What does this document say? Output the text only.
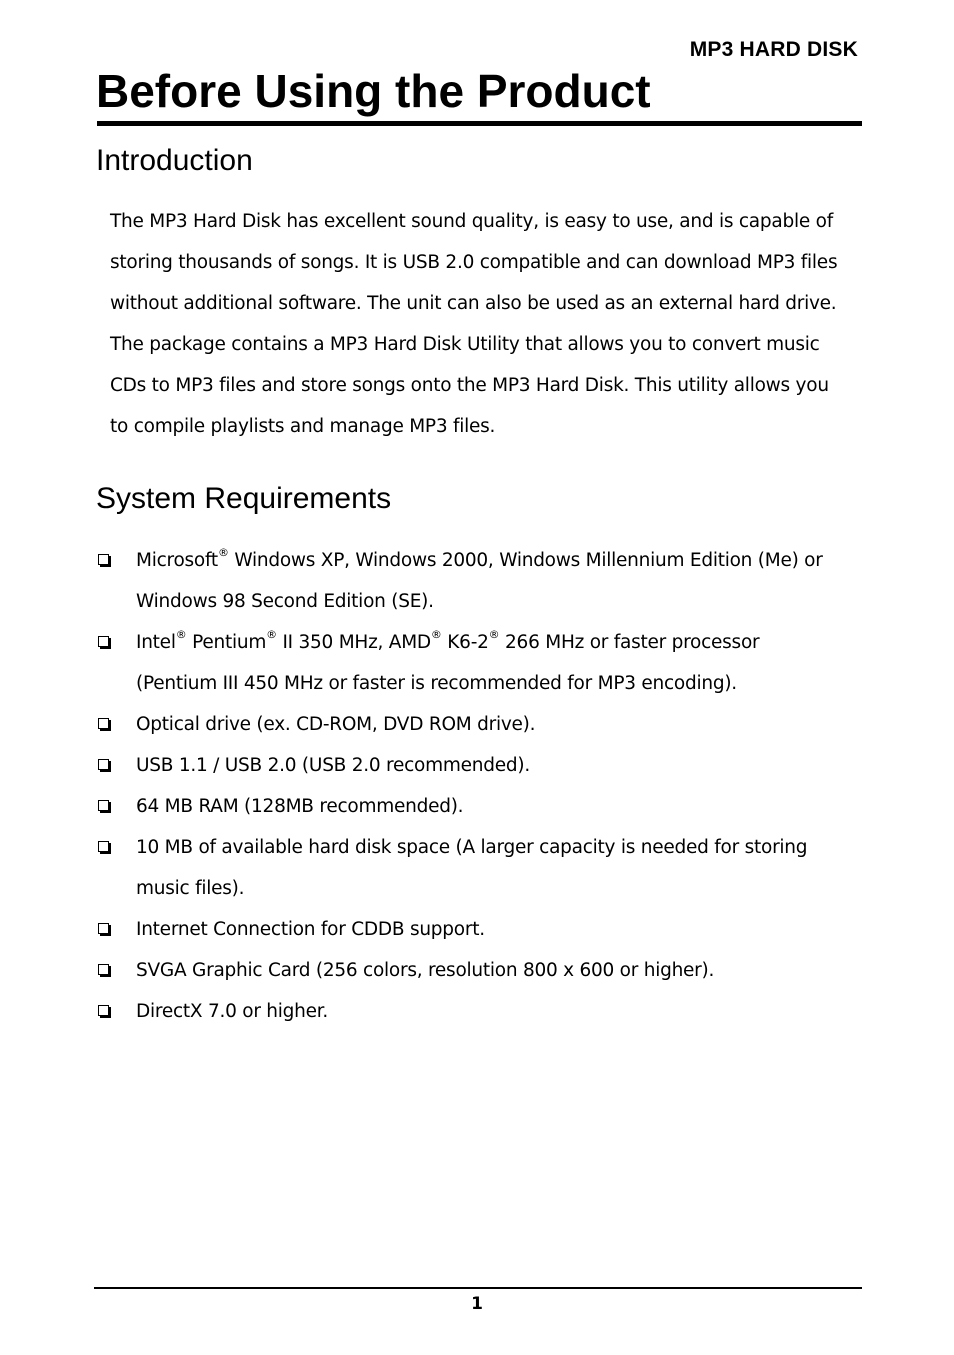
MP3 HARD DISK
Before Using the Product
Introduction
The MP3 Hard Disk has excellent sound quality, is easy to use, and is capable of
storing thousands of songs. It is USB 2.0 compatible and can download MP3 files
without additional software. The unit can also be used as an external hard drive.
The package contains a MP3 Hard Disk Utility that allows you to convert music
CDs to MP3 files and store songs onto the MP3 Hard Disk. This utility allows you
to compile playlists and manage MP3 files.
System Requirements
Microsoft® Windows XP, Windows 2000, Windows Millennium Edition (Me) or
Windows 98 Second Edition (SE).
Intel® Pentium® II 350 MHz, AMD® K6-2® 266 MHz or faster processor
(Pentium III 450 MHz or faster is recommended for MP3 encoding).
Optical drive (ex. CD-ROM, DVD ROM drive).
USB 1.1 / USB 2.0 (USB 2.0 recommended).
64 MB RAM (128MB recommended).
10 MB of available hard disk space (A larger capacity is needed for storing
music files).
Internet Connection for CDDB support.
SVGA Graphic Card (256 colors, resolution 800 x 600 or higher).
DirectX 7.0 or higher.
1
